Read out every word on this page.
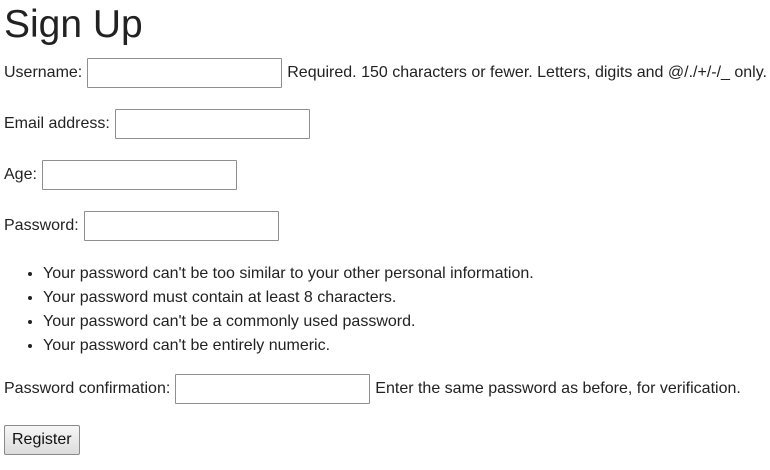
Sign Up
Username:	Required. 150 characters or fewer. Letters, digits and @/./+/-/_ only.
Email address:
Age:
Password:
• Your password can't be too similar to your other personal information.
• Your password must contain at least 8 characters.
• Your password can't be a commonly used password.
• Your password can't be entirely numeric.
Password confirmation:	Enter the same password as before, for verification.
Register
